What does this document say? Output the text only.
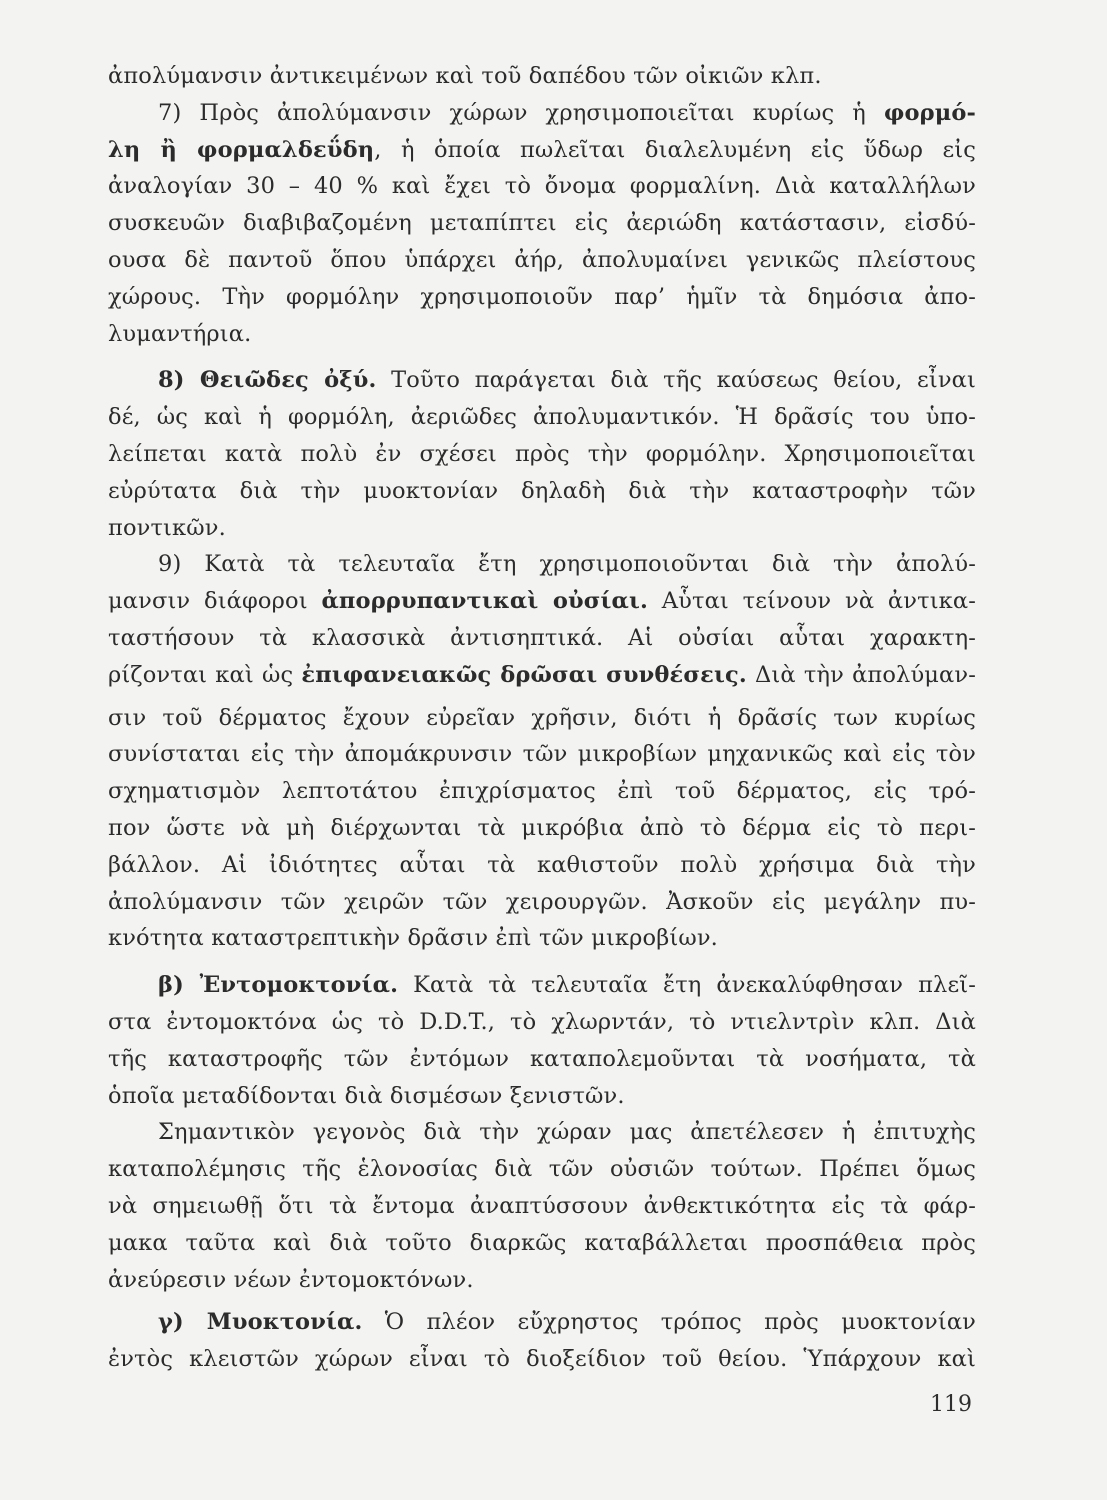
ἀπολύμανσιν ἀντικειμένων καὶ τοῦ δαπέδου τῶν οἰκιῶν κλπ.
7) Πρὸς ἀπολύμανσιν χώρων χρησιμοποιεῖται κυρίως ἡ φορμό-
λη ἢ φορμαλδεΰδη, ἡ ὁποία πωλεῖται διαλελυμένη εἰς ὕδωρ εἰς
ἀναλογίαν 30 – 40 % καὶ ἔχει τὸ ὄνομα φορμαλίνη. Διὰ καταλλήλων
συσκευῶν διαβιβαζομένη μεταπίπτει εἰς ἀεριώδη κατάστασιν, εἰσδύ-
ουσα δὲ παντοῦ ὅπου ὑπάρχει ἀήρ, ἀπολυμαίνει γενικῶς πλείστους
χώρους. Τὴν φορμόλην χρησιμοποιοῦν παρ’ ἡμῖν τὰ δημόσια ἀπο-
λυμαντήρια.
8) Θειῶδες ὀξύ. Τοῦτο παράγεται διὰ τῆς καύσεως θείου, εἶναι
δέ, ὡς καὶ ἡ φορμόλη, ἀεριῶδες ἀπολυμαντικόν. Ἡ δρᾶσίς του ὑπο-
λείπεται κατὰ πολὺ ἐν σχέσει πρὸς τὴν φορμόλην. Χρησιμοποιεῖται
εὐρύτατα διὰ τὴν μυοκτονίαν δηλαδὴ διὰ τὴν καταστροφὴν τῶν
ποντικῶν.
9) Κατὰ τὰ τελευταῖα ἔτη χρησιμοποιοῦνται διὰ τὴν ἀπολύ-
μανσιν διάφοροι ἀπορρυπαντικαὶ οὐσίαι. Αὗται τείνουν νὰ ἀντικα-
ταστήσουν τὰ κλασσικὰ ἀντισηπτικά. Αἱ οὐσίαι αὗται χαρακτη-
ρίζονται καὶ ὡς ἐπιφανειακῶς δρῶσαι συνθέσεις. Διὰ τὴν ἀπολύμαν-
σιν τοῦ δέρματος ἔχουν εὐρεῖαν χρῆσιν, διότι ἡ δρᾶσίς των κυρίως
συνίσταται εἰς τὴν ἀπομάκρυνσιν τῶν μικροβίων μηχανικῶς καὶ εἰς τὸν
σχηματισμὸν λεπτοτάτου ἐπιχρίσματος ἐπὶ τοῦ δέρματος, εἰς τρό-
πον ὥστε νὰ μὴ διέρχωνται τὰ μικρόβια ἀπὸ τὸ δέρμα εἰς τὸ περι-
βάλλον. Αἱ ἰδιότητες αὗται τὰ καθιστοῦν πολὺ χρήσιμα διὰ τὴν
ἀπολύμανσιν τῶν χειρῶν τῶν χειρουργῶν. Ἀσκοῦν εἰς μεγάλην πυ-
κνότητα καταστρεπτικὴν δρᾶσιν ἐπὶ τῶν μικροβίων.
β) Ἐντομοκτονία. Κατὰ τὰ τελευταῖα ἔτη ἀνεκαλύφθησαν πλεῖ-
στα ἐντομοκτόνα ὡς τὸ D.D.T., τὸ χλωρντάν, τὸ ντιελντρὶν κλπ. Διὰ
τῆς καταστροφῆς τῶν ἐντόμων καταπολεμοῦνται τὰ νοσήματα, τὰ
ὁποῖα μεταδίδονται διὰ δισμέσων ξενιστῶν.
Σημαντικὸν γεγονὸς διὰ τὴν χώραν μας ἀπετέλεσεν ἡ ἐπιτυχὴς
καταπολέμησις τῆς ἑλονοσίας διὰ τῶν οὐσιῶν τούτων. Πρέπει ὅμως
νὰ σημειωθῇ ὅτι τὰ ἔντομα ἀναπτύσσουν ἀνθεκτικότητα εἰς τὰ φάρ-
μακα ταῦτα καὶ διὰ τοῦτο διαρκῶς καταβάλλεται προσπάθεια πρὸς
ἀνεύρεσιν νέων ἐντομοκτόνων.
γ) Μυοκτονία. Ὁ πλέον εὔχρηστος τρόπος πρὸς μυοκτονίαν
ἐντὸς κλειστῶν χώρων εἶναι τὸ διοξείδιον τοῦ θείου. Ὑπάρχουν καὶ
119
